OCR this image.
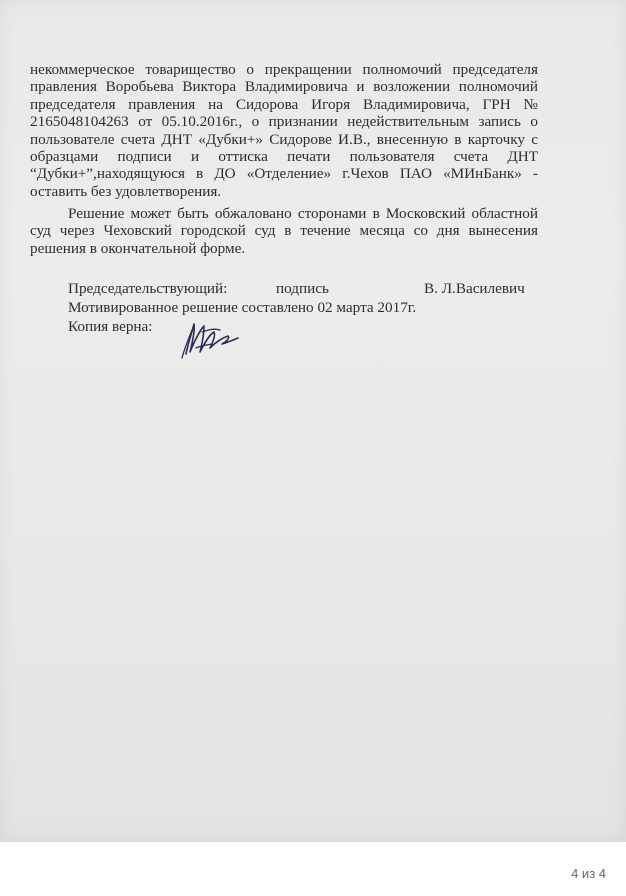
некоммерческое товарищество о прекращении полномочий председателя правления Воробьева Виктора Владимировича и возложении полномочий председателя правления на Сидорова Игоря Владимировича, ГРН № 2165048104263 от 05.10.2016г., о признании недействительным запись о пользователе счета ДНТ «Дубки+» Сидорове И.В., внесенную в карточку с образцами подписи и оттиска печати пользователя счета ДНТ “Дубки+”,находящуюся в ДО «Отделение» г.Чехов ПАО «МИнБанк» - оставить без удовлетворения.
Решение может быть обжаловано сторонами в Московский областной суд через Чеховский городской суд в течение месяца со дня вынесения решения в окончательной форме.
Председательствующий:	подпись	В. Л.Василевич
Мотивированное решение составлено 02 марта 2017г.
Копия верна:
4 из 4
